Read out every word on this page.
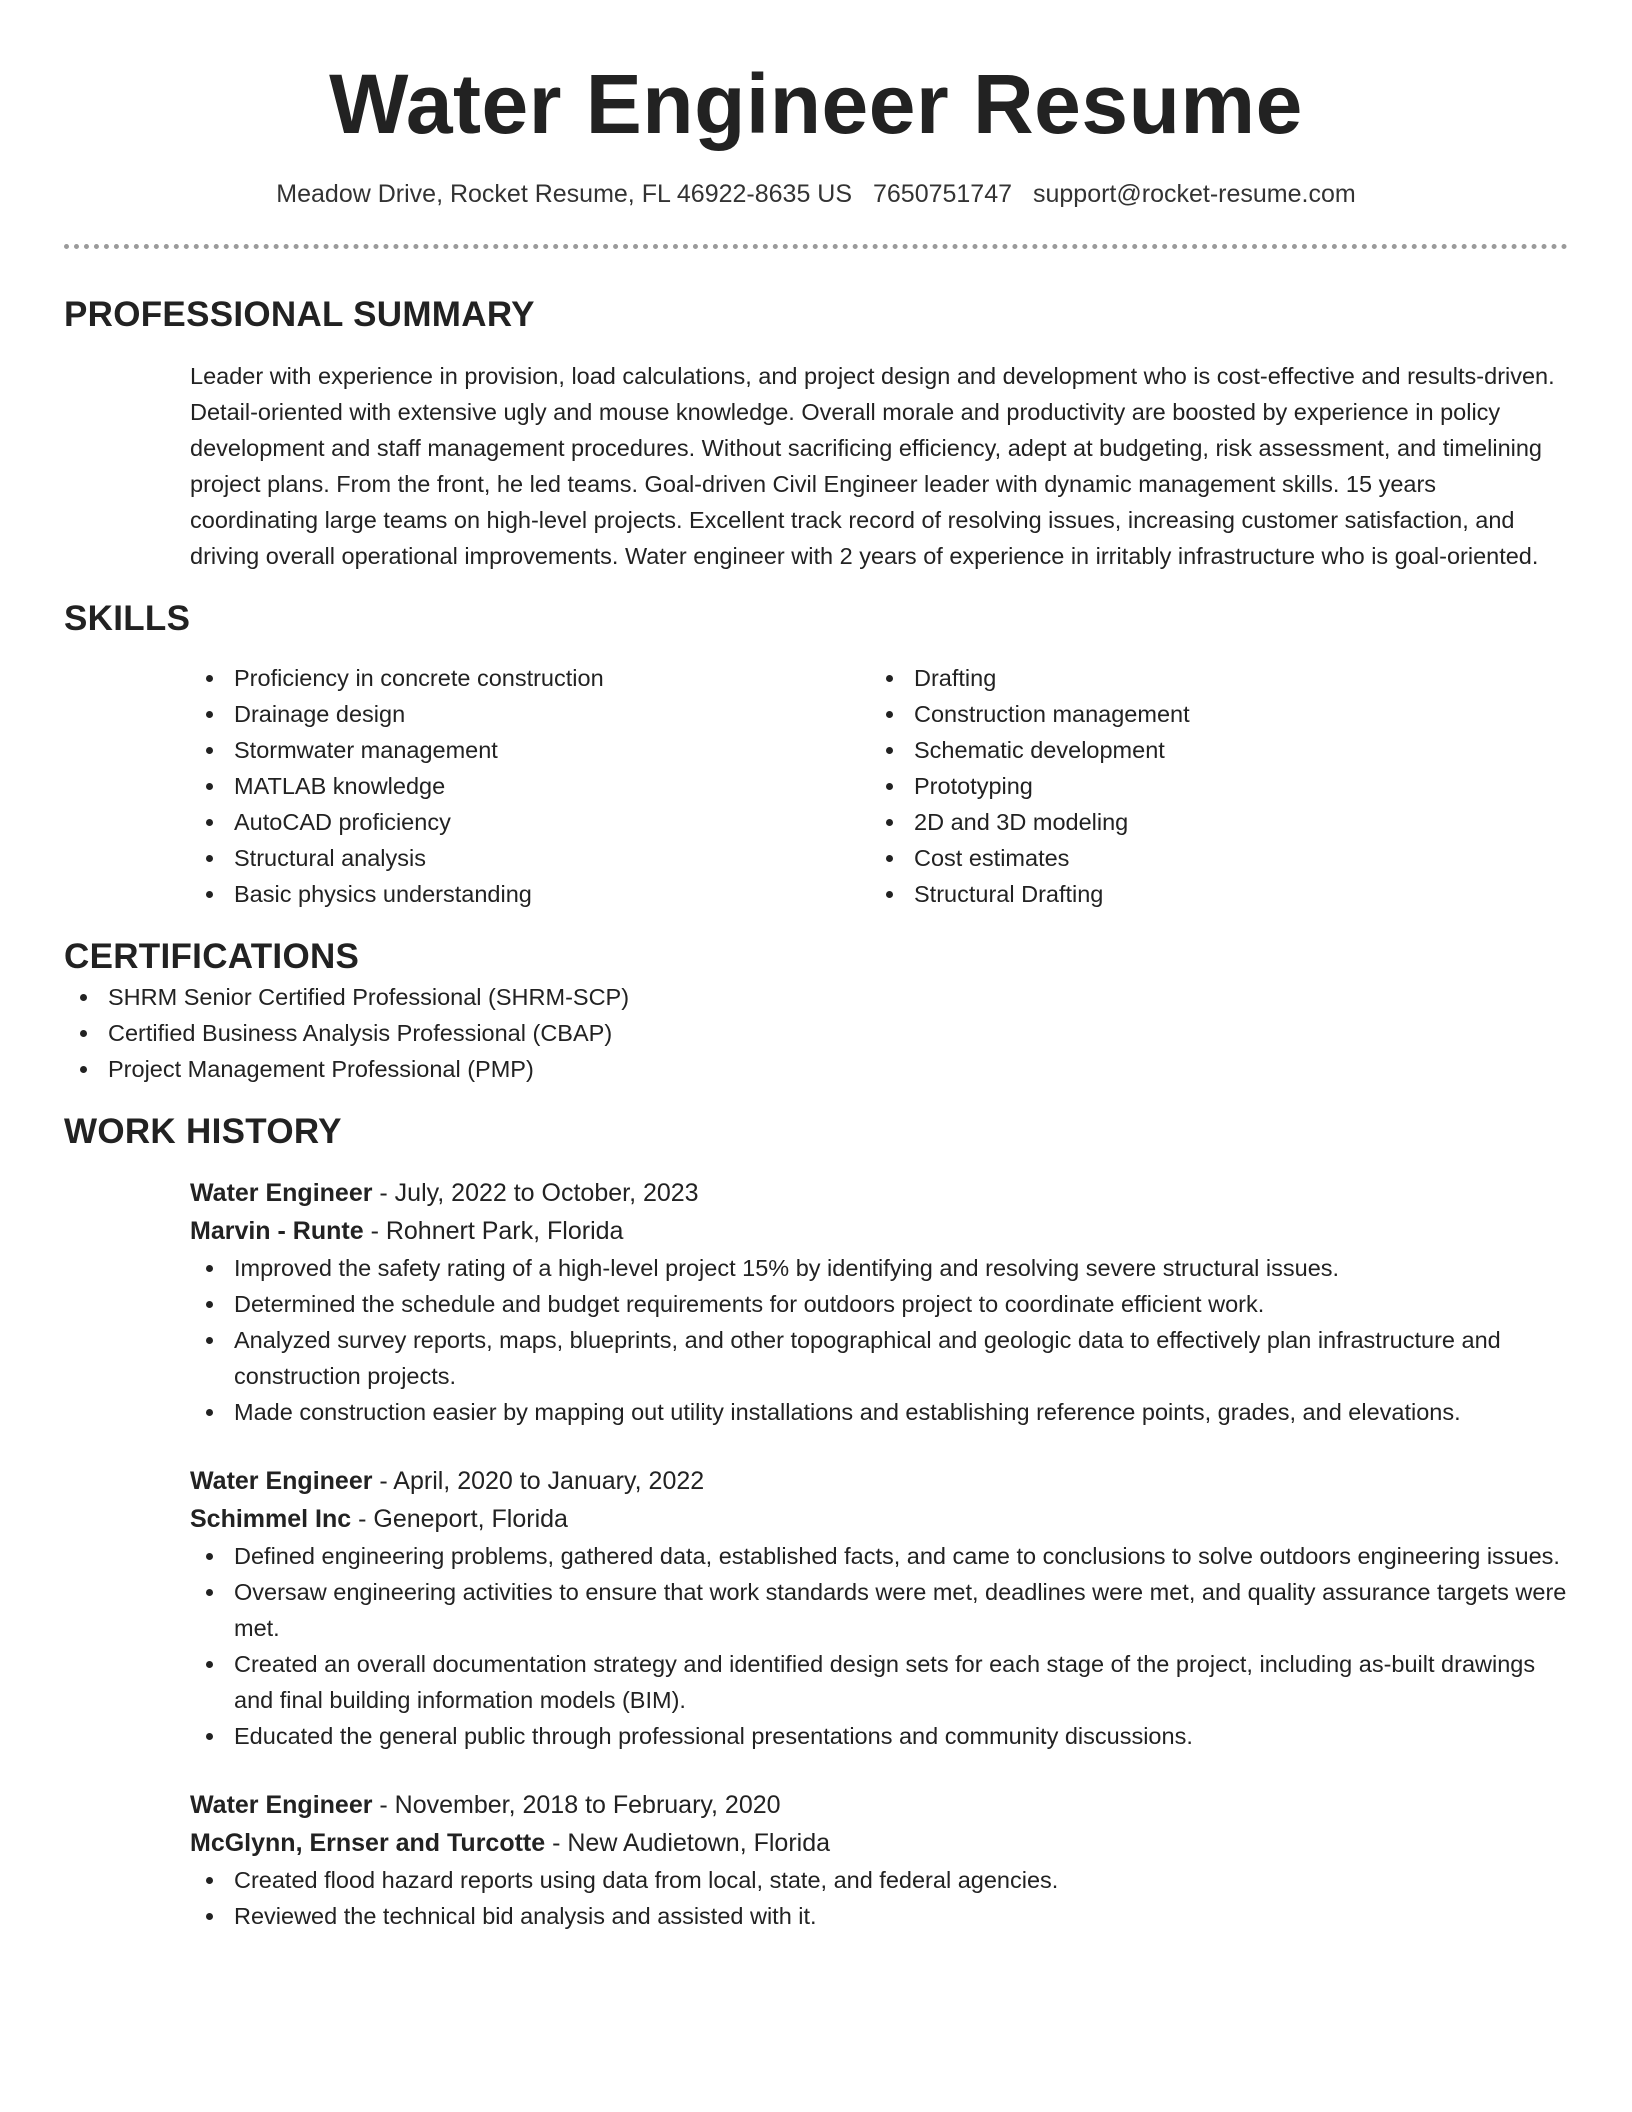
Water Engineer Resume
Meadow Drive, Rocket Resume, FL 46922-8635 US 7650751747 support@rocket-resume.com
PROFESSIONAL SUMMARY

Leader with experience in provision, load calculations, and project design and development who is cost-effective and results-driven. Detail-oriented with extensive ugly and mouse knowledge. Overall morale and productivity are boosted by experience in policy development and staff management procedures. Without sacrificing efficiency, adept at budgeting, risk assessment, and timelining project plans. From the front, he led teams. Goal-driven Civil Engineer leader with dynamic management skills. 15 years coordinating large teams on high-level projects. Excellent track record of resolving issues, increasing customer satisfaction, and driving overall operational improvements. Water engineer with 2 years of experience in irritably infrastructure who is goal-oriented.

SKILLS
Proficiency in concrete construction
Drainage design
Stormwater management
MATLAB knowledge
AutoCAD proficiency
Structural analysis
Basic physics understanding
Drafting
Construction management
Schematic development
Prototyping
2D and 3D modeling
Cost estimates
Structural Drafting
CERTIFICATIONS
SHRM Senior Certified Professional (SHRM-SCP)
Certified Business Analysis Professional (CBAP)
Project Management Professional (PMP)
WORK HISTORY
Water Engineer - July, 2022 to October, 2023
Marvin - Runte - Rohnert Park, Florida
Improved the safety rating of a high-level project 15% by identifying and resolving severe structural issues.
Determined the schedule and budget requirements for outdoors project to coordinate efficient work.
Analyzed survey reports, maps, blueprints, and other topographical and geologic data to effectively plan infrastructure and construction projects.
Made construction easier by mapping out utility installations and establishing reference points, grades, and elevations.
Water Engineer - April, 2020 to January, 2022
Schimmel Inc - Geneport, Florida
Defined engineering problems, gathered data, established facts, and came to conclusions to solve outdoors engineering issues.
Oversaw engineering activities to ensure that work standards were met, deadlines were met, and quality assurance targets were met.
Created an overall documentation strategy and identified design sets for each stage of the project, including as-built drawings and final building information models (BIM).
Educated the general public through professional presentations and community discussions.
Water Engineer - November, 2018 to February, 2020
McGlynn, Ernser and Turcotte - New Audietown, Florida
Created flood hazard reports using data from local, state, and federal agencies.
Reviewed the technical bid analysis and assisted with it.
